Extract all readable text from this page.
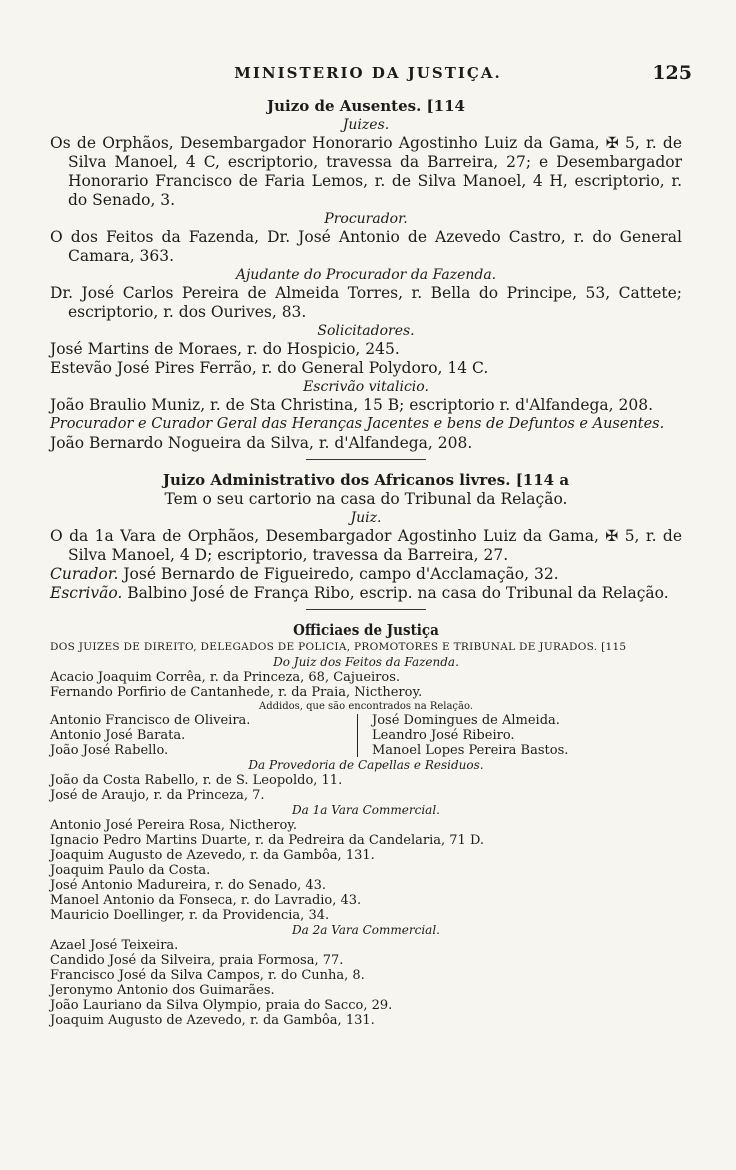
MINISTERIO DA JUSTIÇA.	125

Juizo de Ausentes. [114

Juizes.

Os de Orphãos, Desembargador Honorario Agostinho Luiz da Gama, ✠ 5, r. de Silva Manoel, 4 C, escriptorio, travessa da Barreira, 27; e Desembargador Honorario Francisco de Faria Lemos, r. de Silva Manoel, 4 H, escriptorio, r. do Senado, 3.

Procurador.

O dos Feitos da Fazenda, Dr. José Antonio de Azevedo Castro, r. do General Camara, 363.

Ajudante do Procurador da Fazenda.

Dr. José Carlos Pereira de Almeida Torres, r. Bella do Principe, 53, Cattete; escriptorio, r. dos Ourives, 83.

Solicitadores.

José Martins de Moraes, r. do Hospicio, 245.

Estevão José Pires Ferrão, r. do General Polydoro, 14 C.

Escrivão vitalicio.

João Braulio Muniz, r. de Sta Christina, 15 B; escriptorio r. d'Alfandega, 208.

Procurador e Curador Geral das Heranças Jacentes e bens de Defuntos e Ausentes.

João Bernardo Nogueira da Silva, r. d'Alfandega, 208.

Juizo Administrativo dos Africanos livres. [114 a

Tem o seu cartorio na casa do Tribunal da Relação.

Juiz.

O da 1a Vara de Orphãos, Desembargador Agostinho Luiz da Gama, ✠ 5, r. de Silva Manoel, 4 D; escriptorio, travessa da Barreira, 27.

Curador. José Bernardo de Figueiredo, campo d'Acclamação, 32.

Escrivão. Balbino José de França Ribo, escrip. na casa do Tribunal da Relação.

Officiaes de Justiça

DOS JUIZES DE DIREITO, DELEGADOS DE POLICIA, PROMOTORES E TRIBUNAL DE JURADOS. [115

Do Juiz dos Feitos da Fazenda.

Acacio Joaquim Corrêa, r. da Princeza, 68, Cajueiros.

Fernando Porfirio de Cantanhede, r. da Praia, Nictheroy.

Addidos, que são encontrados na Relação.

Antonio Francisco de Oliveira.
Antonio José Barata.
João José Rabello.
José Domingues de Almeida.
Leandro José Ribeiro.
Manoel Lopes Pereira Bastos.

Da Provedoria de Capellas e Residuos.

João da Costa Rabello, r. de S. Leopoldo, 11.

José de Araujo, r. da Princeza, 7.

Da 1a Vara Commercial.

Antonio José Pereira Rosa, Nictheroy.

Ignacio Pedro Martins Duarte, r. da Pedreira da Candelaria, 71 D.

Joaquim Augusto de Azevedo, r. da Gambôa, 131.

Joaquim Paulo da Costa.

José Antonio Madureira, r. do Senado, 43.

Manoel Antonio da Fonseca, r. do Lavradio, 43.

Mauricio Doellinger, r. da Providencia, 34.

Da 2a Vara Commercial.

Azael José Teixeira.

Candido José da Silveira, praia Formosa, 77.

Francisco José da Silva Campos, r. do Cunha, 8.

Jeronymo Antonio dos Guimarães.

João Lauriano da Silva Olympio, praia do Sacco, 29.

Joaquim Augusto de Azevedo, r. da Gambôa, 131.
